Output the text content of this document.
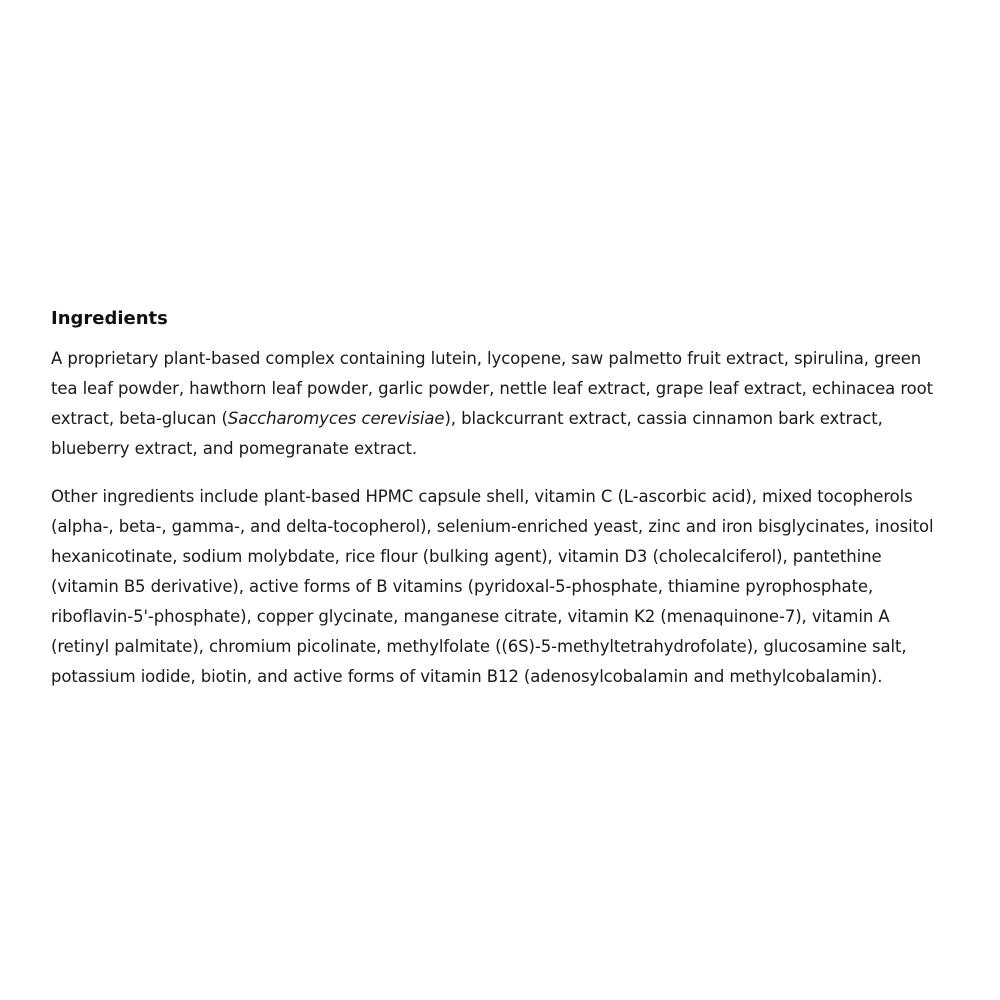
Ingredients

A proprietary plant-based complex containing lutein, lycopene, saw palmetto fruit extract, spirulina, green tea leaf powder, hawthorn leaf powder, garlic powder, nettle leaf extract, grape leaf extract, echinacea root extract, beta-glucan (Saccharomyces cerevisiae), blackcurrant extract, cassia cinnamon bark extract, blueberry extract, and pomegranate extract.

Other ingredients include plant-based HPMC capsule shell, vitamin C (L-ascorbic acid), mixed tocopherols (alpha-, beta-, gamma-, and delta-tocopherol), selenium-enriched yeast, zinc and iron bisglycinates, inositol hexanicotinate, sodium molybdate, rice flour (bulking agent), vitamin D3 (cholecalciferol), pantethine (vitamin B5 derivative), active forms of B vitamins (pyridoxal-5-phosphate, thiamine pyrophosphate, riboflavin-5'-phosphate), copper glycinate, manganese citrate, vitamin K2 (menaquinone-7), vitamin A (retinyl palmitate), chromium picolinate, methylfolate ((6S)-5-methyltetrahydrofolate), glucosamine salt, potassium iodide, biotin, and active forms of vitamin B12 (adenosylcobalamin and methylcobalamin).
